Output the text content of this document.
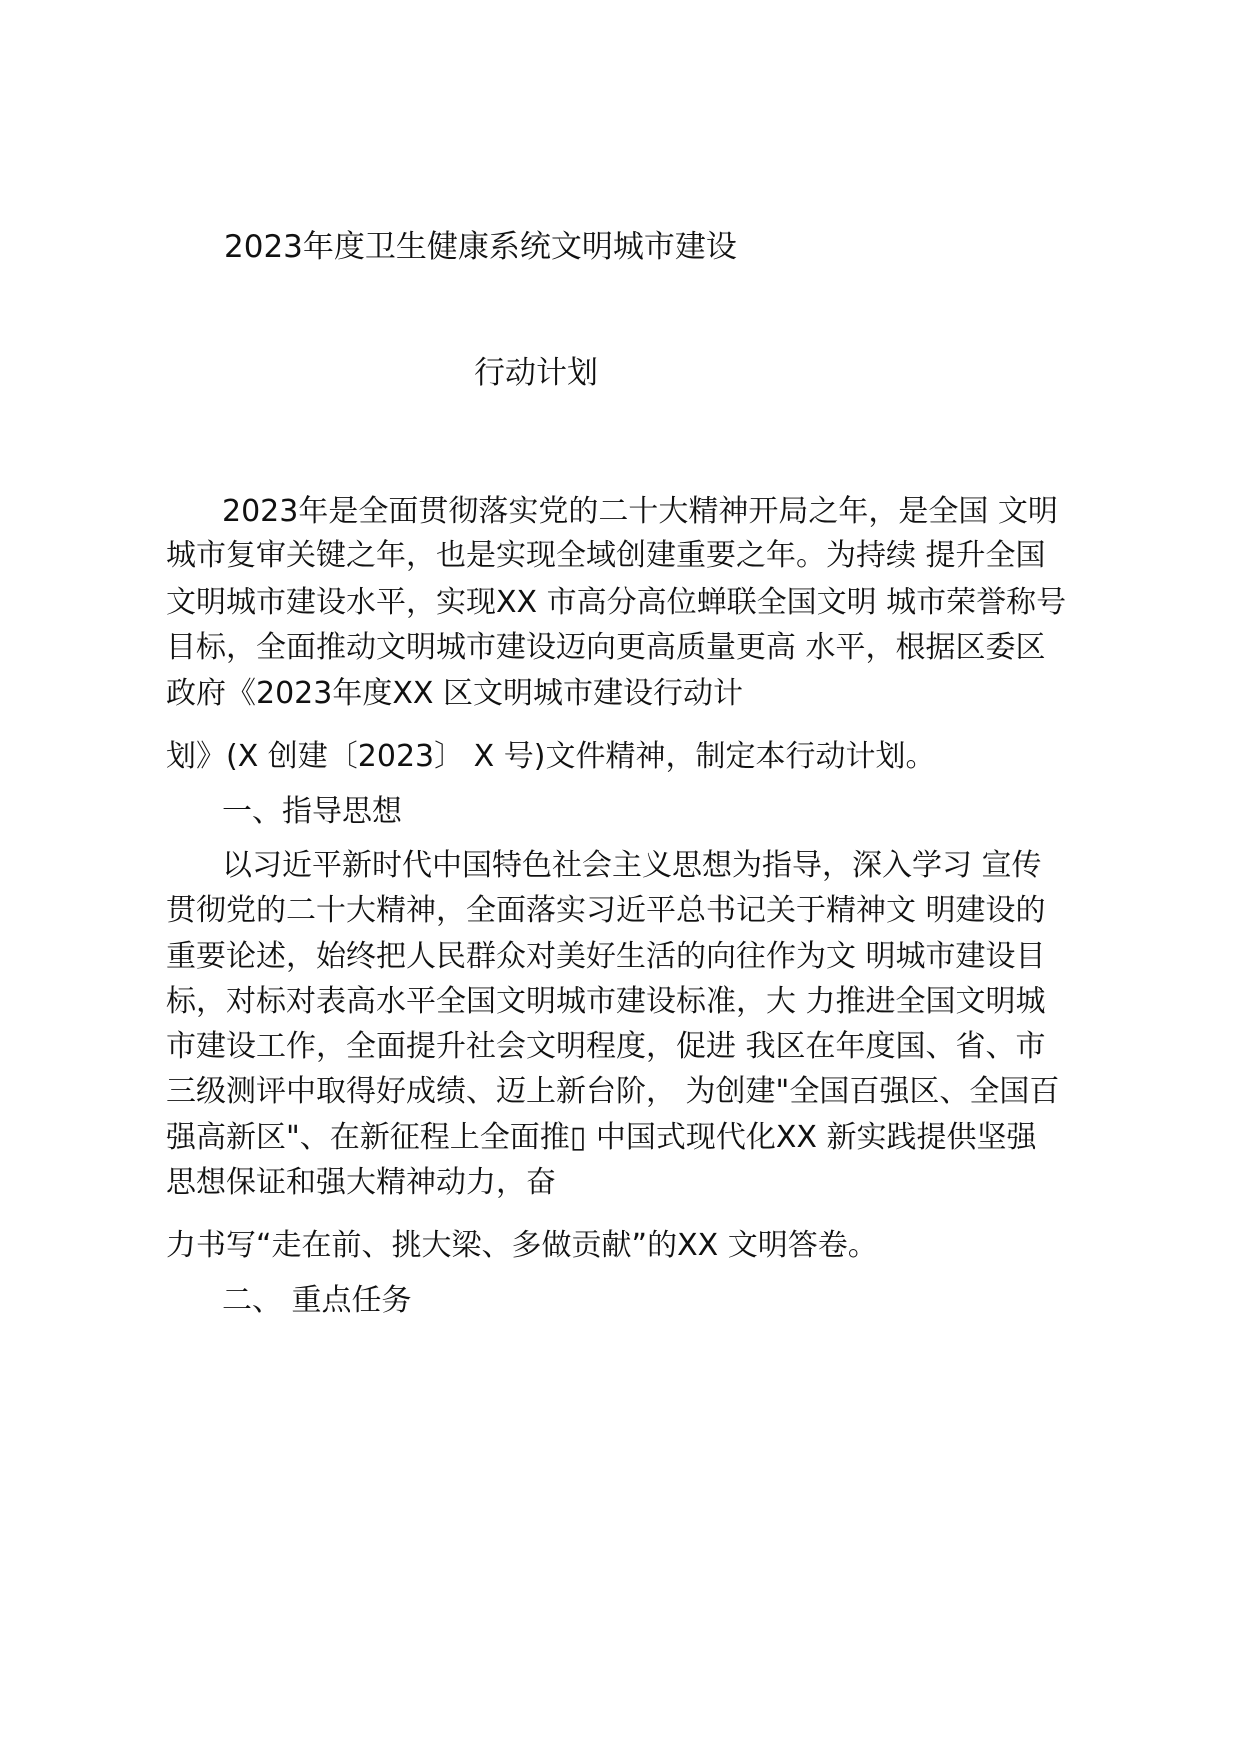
2023年度卫生健康系统文明城市建设

行动计划

2023年是全面贯彻落实党的二十大精神开局之年，是全国 文明

城市复审关键之年，也是实现全域创建重要之年。为持续 提升全国

文明城市建设水平，实现XX 市高分高位蝉联全国文明 城市荣誉称号

目标，全面推动文明城市建设迈向更高质量更高 水平，根据区委区

政府《2023年度XX 区文明城市建设行动计

划》(X 创建〔2023〕 X 号)文件精神，制定本行动计划。

一、指导思想

以习近平新时代中国特色社会主义思想为指导，深入学习 宣传

贯彻党的二十大精神，全面落实习近平总书记关于精神文 明建设的

重要论述，始终把人民群众对美好生活的向往作为文 明城市建设目

标，对标对表高水平全国文明城市建设标准，大 力推进全国文明城

市建设工作，全面提升社会文明程度，促进 我区在年度国、省、市

三级测评中取得好成绩、迈上新台阶， 为创建"全国百强区、全国百

强高新区"、在新征程上全面推▯ 中国式现代化XX 新实践提供坚强

思想保证和强大精神动力，奋

力书写“走在前、挑大梁、多做贡献”的XX 文明答卷。

二、 重点任务
